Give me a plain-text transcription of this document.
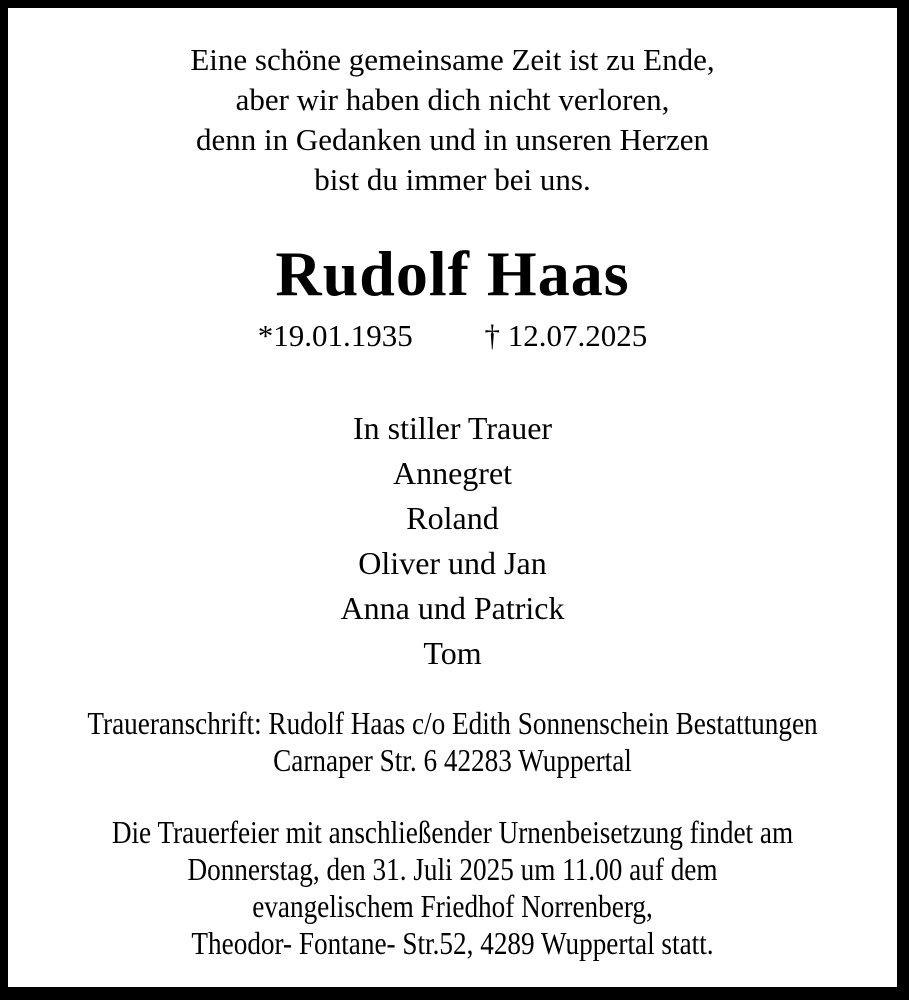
Eine schöne gemeinsame Zeit ist zu Ende,
aber wir haben dich nicht verloren,
denn in Gedanken und in unseren Herzen
bist du immer bei uns.
Rudolf Haas
*19.01.1935 † 12.07.2025
In stiller Trauer
Annegret
Roland
Oliver und Jan
Anna und Patrick
Tom
Traueranschrift: Rudolf Haas c/o Edith Sonnenschein Bestattungen
Carnaper Str. 6 42283 Wuppertal
Die Trauerfeier mit anschließender Urnenbeisetzung findet am
Donnerstag, den 31. Juli 2025 um 11.00 auf dem
evangelischem Friedhof Norrenberg,
Theodor- Fontane- Str.52, 4289 Wuppertal statt.
